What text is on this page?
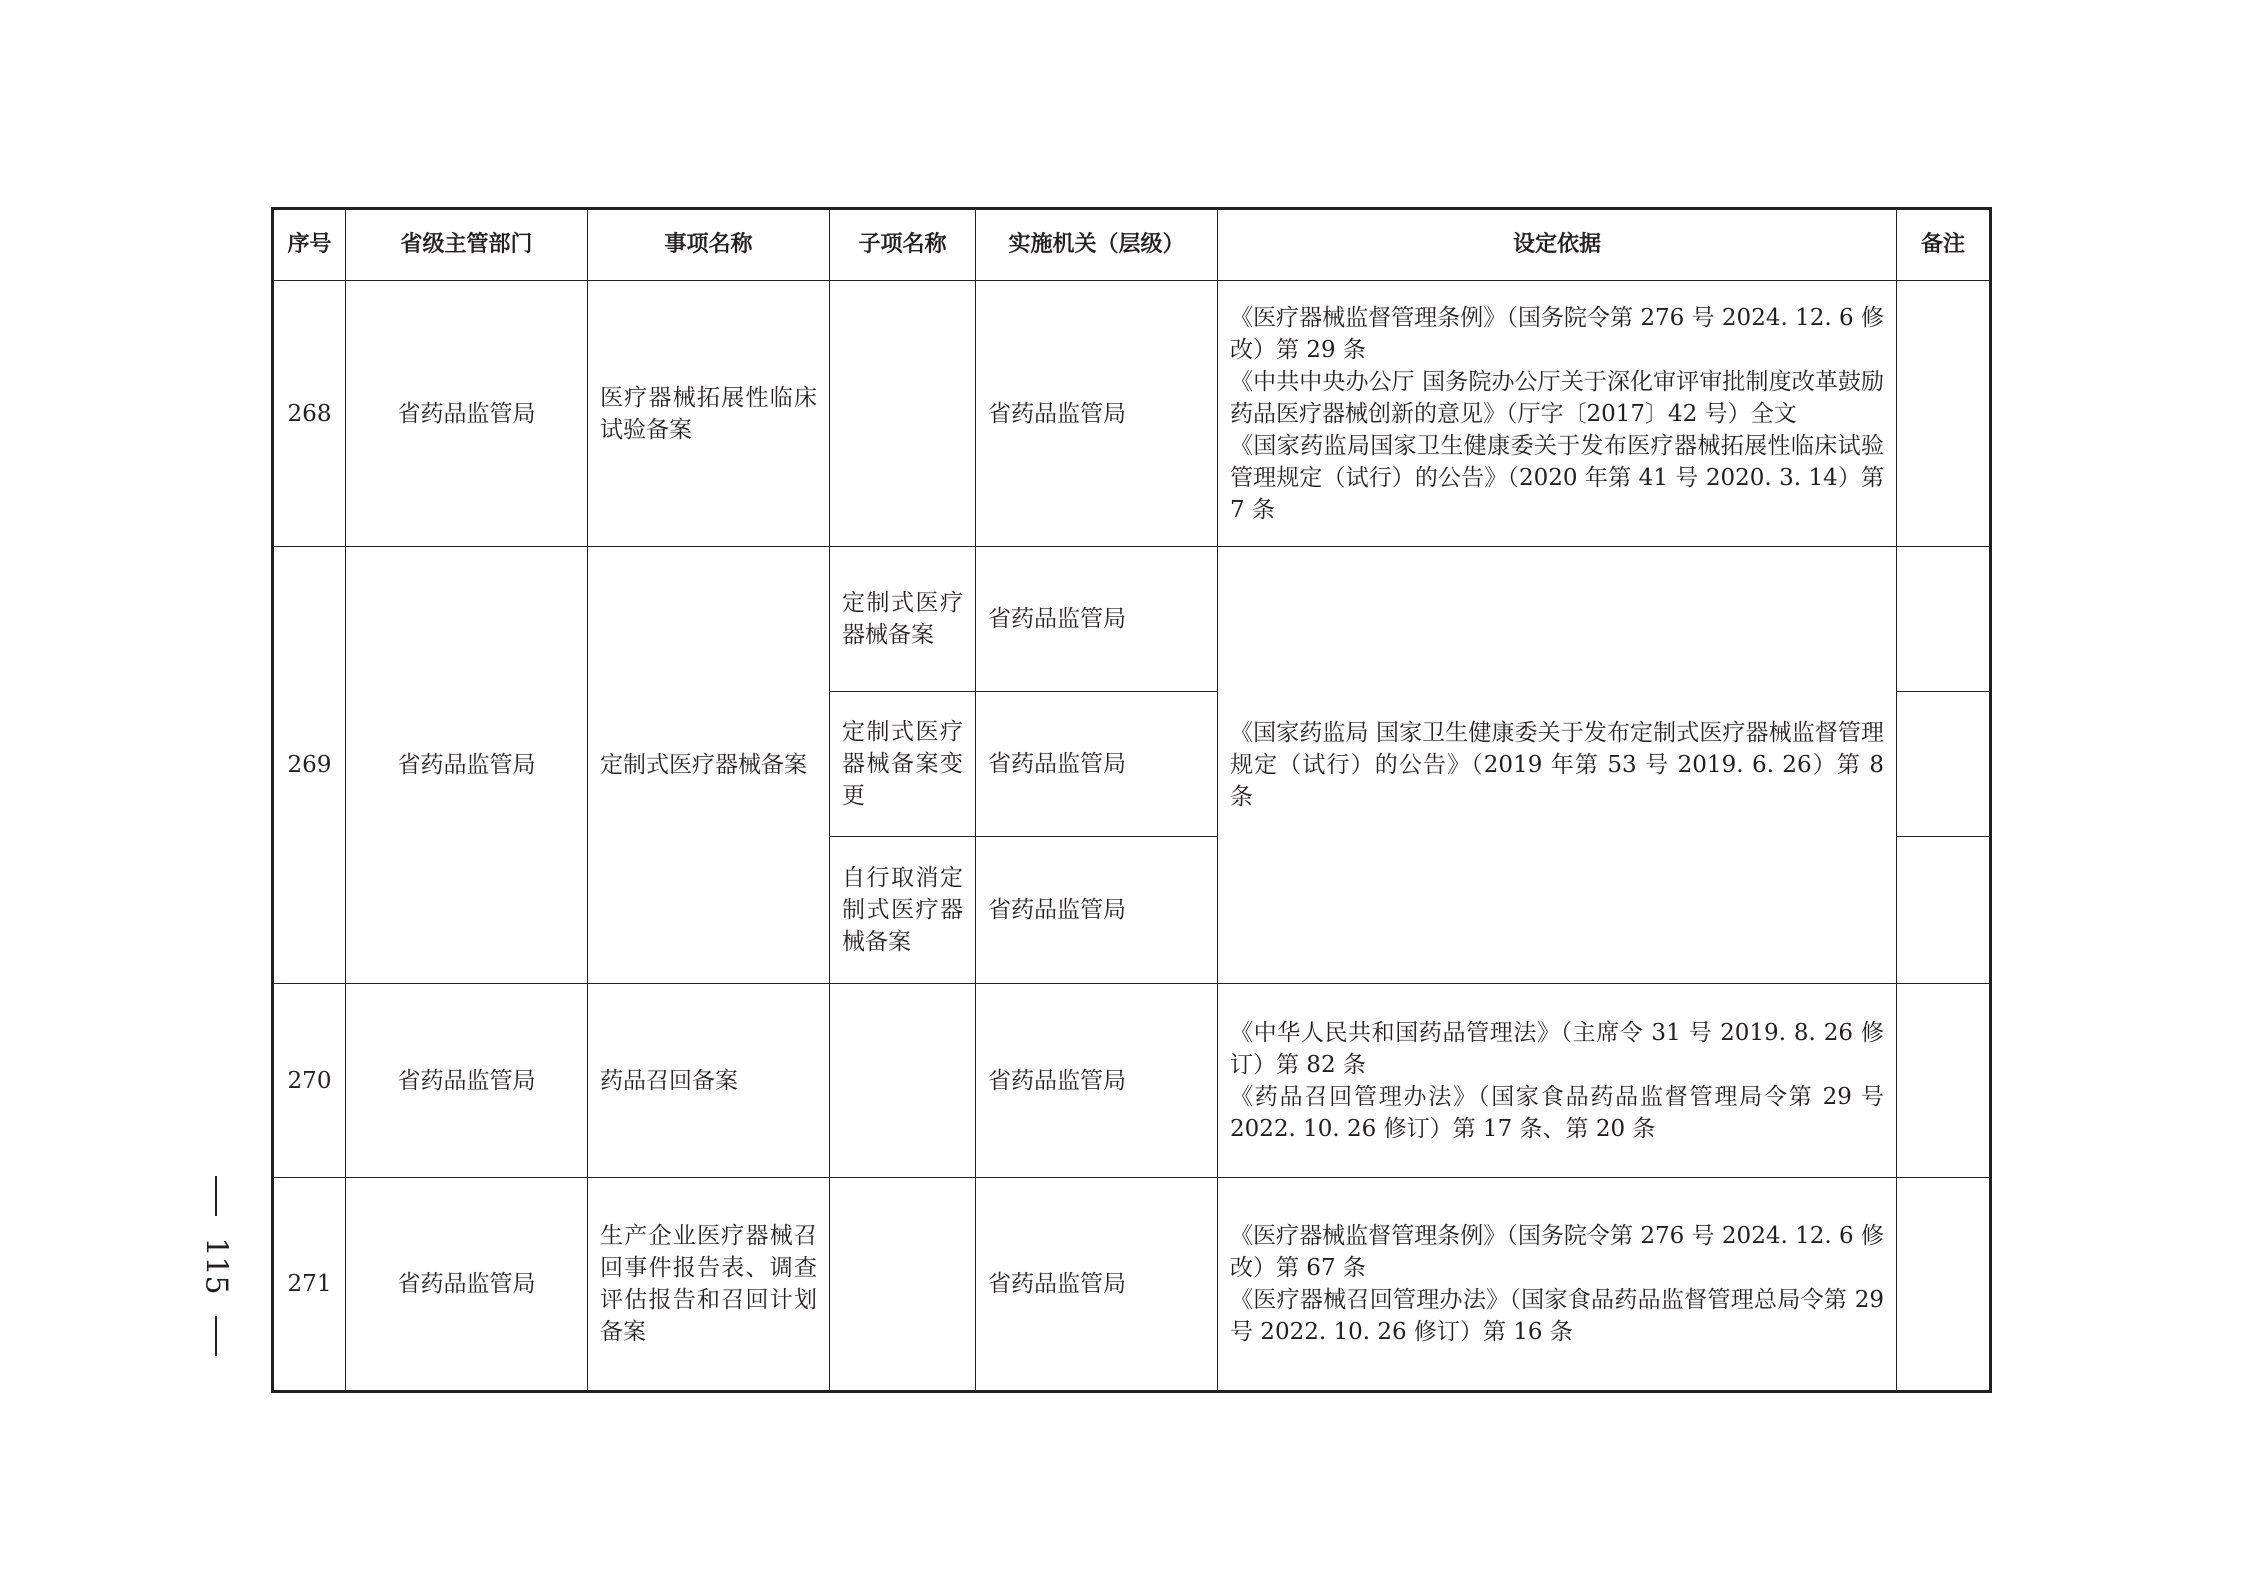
序号	省级主管部门	事项名称	子项名称	实施机关（层级）	设定依据	备注
268	省药品监管局	医疗器械拓展性临床试验备案		省药品监管局	《医疗器械监督管理条例》（国务院令第 276 号 2024. 12. 6 修改）第 29 条
《中共中央办公厅 国务院办公厅关于深化审评审批制度改革鼓励药品医疗器械创新的意见》（厅字〔2017〕42 号）全文
《国家药监局国家卫生健康委关于发布医疗器械拓展性临床试验管理规定（试行）的公告》（2020 年第 41 号 2020. 3. 14）第 7 条	

269	省药品监管局	定制式医疗器械备案	定制式医疗器械备案	省药品监管局	《国家药监局 国家卫生健康委关于发布定制式医疗器械监督管理规定（试行）的公告》（2019 年第 53 号 2019. 6. 26）第 8 条	
			定制式医疗器械备案变更	省药品监管局		
			自行取消定制式医疗器械备案	省药品监管局		
270	省药品监管局	药品召回备案		省药品监管局	《中华人民共和国药品管理法》（主席令 31 号 2019. 8. 26 修订）第 82 条
《药品召回管理办法》（国家食品药品监督管理局令第 29 号 2022. 10. 26 修订）第 17 条、第 20 条	

271	省药品监管局	生产企业医疗器械召回事件报告表、调查评估报告和召回计划备案		省药品监管局	《医疗器械监督管理条例》（国务院令第 276 号 2024. 12. 6 修改）第 67 条
《医疗器械召回管理办法》（国家食品药品监督管理总局令第 29 号 2022. 10. 26 修订）第 16 条	

115
